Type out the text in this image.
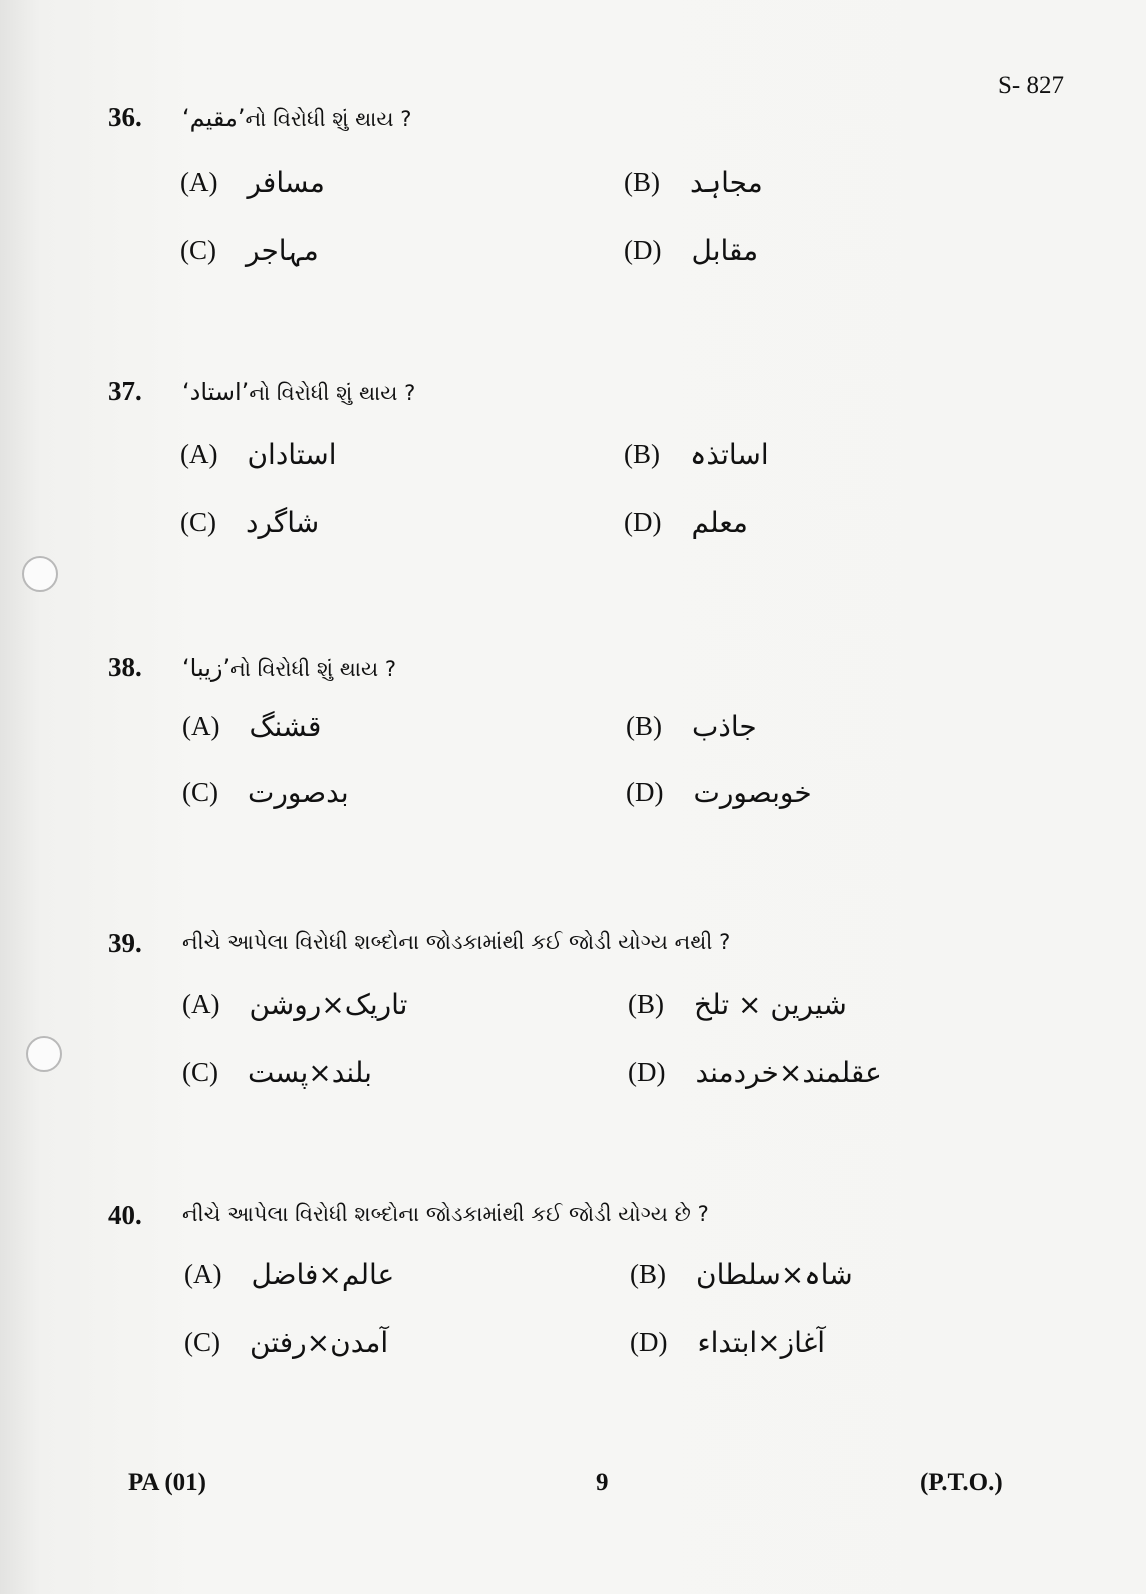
S- 827
36. ‘مقیم’નો વિરોધી શું થાય ?
(A) مسافر	(B) مجاہد
(C) مہاجر	(D) مقابل
37. ‘استاد’નો વિરોધી શું થાય ?
(A) استادان	(B) اساتذہ
(C) شاگرد	(D) معلم
38. ‘زیبا’નો વિરોધી શું થાય ?
(A) قشنگ	(B) جاذب
(C) بدصورت	(D) خوبصورت
39. નીચે આપેલા વિરોધી શબ્દોના જોડકામાંથી કઈ જોડી યોગ્ય નથી ?
(A) تاریک×روشن	(B) شیرین × تلخ
(C) بلند×پست	(D) عقلمند×خردمند
40. નીચે આપેલા વિરોધી શબ્દોના જોડકામાંથી કઈ જોડી યોગ્ય છે ?
(A) عالم×فاضل	(B) شاہ×سلطان
(C) آمدن×رفتن	(D) آغاز×ابتداء
PA (01)	9	(P.T.O.)
